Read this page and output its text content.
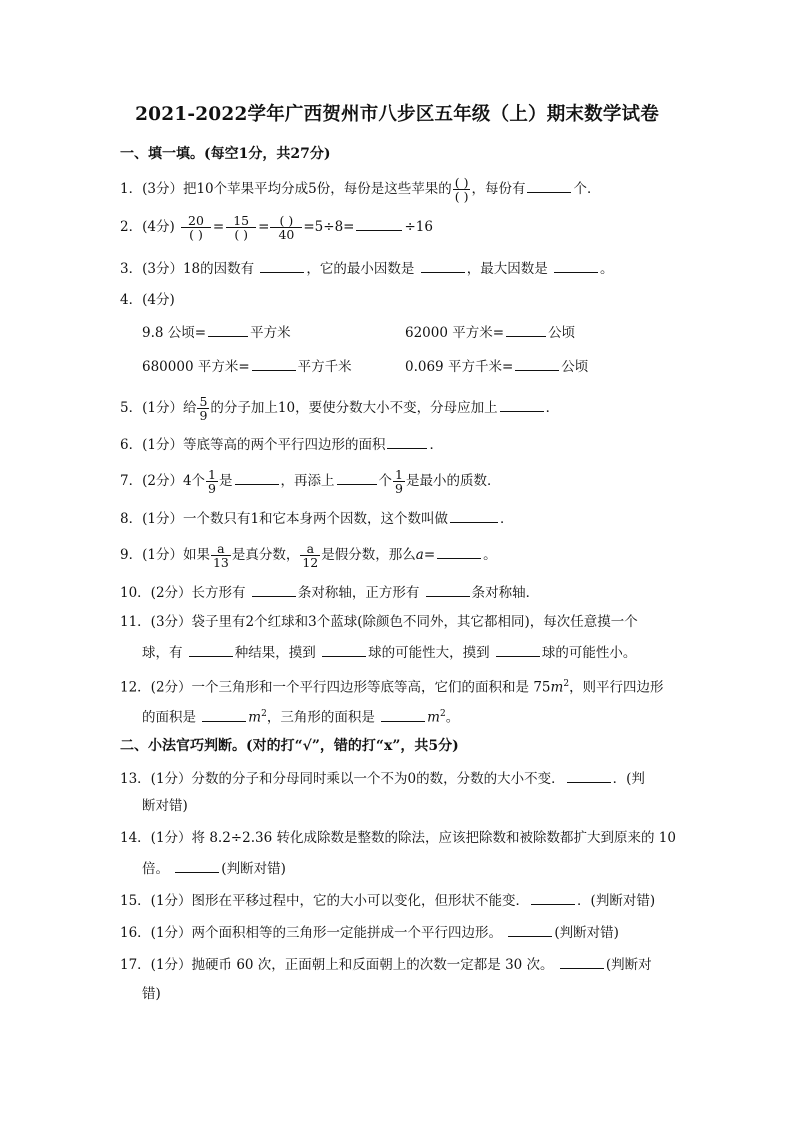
2021-2022学年广西贺州市八步区五年级（上）期末数学试卷
一、填一填。(每空1分，共27分)
1．(3分）把10个苹果平均分成5份，每份是这些苹果的 $\frac{( )}{( )}$ ，每份有	个．
2．(4分) $\frac{20}{( )} = \frac{15}{( )} = \frac{( )}{40} =5\div 8=$	÷16
3．(3分）18的因数有	，它的最小因数是	，最大因数是	。
4．(4分)
9.8 公顷=	平方米	62000 平方米=	公顷
680000 平方米=	平方千米	0.069 平方千米=	公顷
5．(1分）给 $\frac{5}{9}$ 的分子加上10，要使分数大小不变，分母应加上	．
6．(1分）等底等高的两个平行四边形的面积	．
7．(2分）4个 $\frac{1}{9}$ 是	，再添上	个 $\frac{1}{9}$ 是最小的质数．
8．(1分）一个数只有1和它本身两个因数，这个数叫做	．
9．(1分）如果 $\frac{a}{13}$ 是真分数， $\frac{a}{12}$ 是假分数，那么a=	。
10．(2分）长方形有	条对称轴，正方形有	条对称轴．
11．(3分）袋子里有2个红球和3个蓝球(除颜色不同外，其它都相同)，每次任意摸一个
球，有	种结果，摸到	球的可能性大，摸到	球的可能性小。
12．(2分）一个三角形和一个平行四边形等底等高，它们的面积和是 $75m^2$，则平行四边形
的面积是	$m^2$，三角形的面积是	$m^2$。
二、小法官巧判断。(对的打“√”，错的打“x”，共5分)
13．(1分）分数的分子和分母同时乘以一个不为0的数，分数的大小不变．	．(判
断对错)
14．(1分）将 8.2÷2.36 转化成除数是整数的除法，应该把除数和被除数都扩大到原来的 10
倍。	(判断对错)
15．(1分）图形在平移过程中，它的大小可以变化，但形状不能变．	．(判断对错)
16．(1分）两个面积相等的三角形一定能拼成一个平行四边形。	(判断对错)
17．(1分）抛硬币 60 次，正面朝上和反面朝上的次数一定都是 30 次。	(判断对
错)
